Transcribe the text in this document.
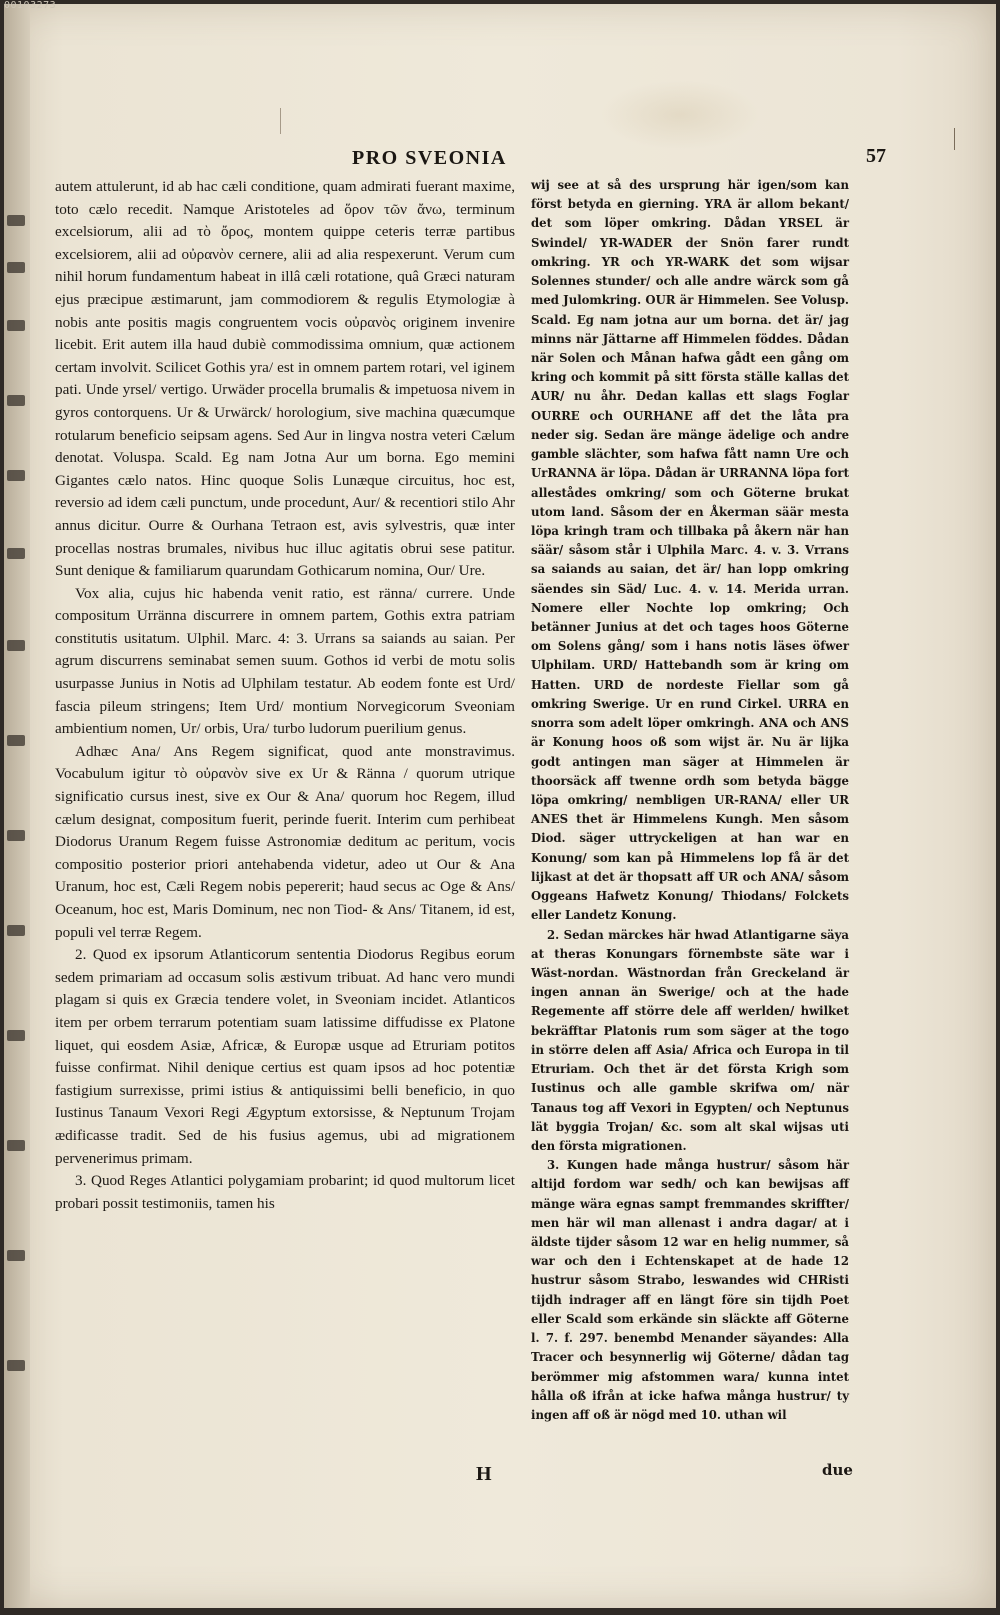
00103273
PRO SVEONIA	57

autem attulerunt, id ab hac cæli conditione, quam admirati fuerant maxime, toto cælo recedit. Namque Aristoteles ad ὅρον τῶν ἄνω, terminum excelsiorum, alii ad τὸ ὄρος, montem quippe ceteris terræ partibus excelsiorem, alii ad οὐρανὸν cernere, alii ad alia respexerunt. Verum cum nihil horum fundamentum habeat in illâ cæli rotatione, quâ Græci naturam ejus præcipue æstimarunt, jam commodiorem & regulis Etymologiæ à nobis ante positis magis congruentem vocis οὐρανὸς originem invenire licebit. Erit autem illa haud dubiè commodissima omnium, quæ actionem certam involvit. Scilicet Gothis yra/ est in omnem partem rotari, vel iginem pati. Unde yrsel/ vertigo. Urwäder procella brumalis & impetuosa nivem in gyros contorquens. Ur & Urwärck/ horologium, sive machina quæcumque rotularum beneficio seipsam agens. Sed Aur in lingva nostra veteri Cælum denotat. Voluspa. Scald. Eg nam Jotna Aur um borna. Ego memini Gigantes cælo natos. Hinc quoque Solis Lunæque circuitus, hoc est, reversio ad idem cæli punctum, unde procedunt, Aur/ & recentiori stilo Ahr annus dicitur. Ourre & Ourhana Tetraon est, avis sylvestris, quæ inter procellas nostras brumales, nivibus huc illuc agitatis obrui sese patitur. Sunt denique & familiarum quarundam Gothicarum nomina, Our/ Ure.

Vox alia, cujus hic habenda venit ratio, est ränna/ currere. Unde compositum Urränna discurrere in omnem partem, Gothis extra patriam constitutis usitatum. Ulphil. Marc. 4: 3. Urrans sa saiands au saian. Per agrum discurrens seminabat semen suum. Gothos id verbi de motu solis usurpasse Junius in Notis ad Ulphilam testatur. Ab eodem fonte est Urd/ fascia pileum stringens; Item Urd/ montium Norvegicorum Sveoniam ambientium nomen, Ur/ orbis, Ura/ turbo ludorum puerilium genus.

Adhæc Ana/ Ans Regem significat, quod ante monstravimus. Vocabulum igitur τὸ οὐρανὸν sive ex Ur & Ränna / quorum utrique significatio cursus inest, sive ex Our & Ana/ quorum hoc Regem, illud cælum designat, compositum fuerit, perinde fuerit. Interim cum perhibeat Diodorus Uranum Regem fuisse Astronomiæ deditum ac peritum, vocis compositio posterior priori antehabenda videtur, adeo ut Our & Ana Uranum, hoc est, Cæli Regem nobis pepererit; haud secus ac Oge & Ans/ Oceanum, hoc est, Maris Dominum, nec non Tiod- & Ans/ Titanem, id est, populi vel terræ Regem.

2. Quod ex ipsorum Atlanticorum sententia Diodorus Regibus eorum sedem primariam ad occasum solis æstivum tribuat. Ad hanc vero mundi plagam si quis ex Græcia tendere volet, in Sveoniam incidet. Atlanticos item per orbem terrarum potentiam suam latissime diffudisse ex Platone liquet, qui eosdem Asiæ, Africæ, & Europæ usque ad Etruriam potitos fuisse confirmat. Nihil denique certius est quam ipsos ad hoc potentiæ fastigium surrexisse, primi istius & antiquissimi belli beneficio, in quo Iustinus Tanaum Vexori Regi Ægyptum extorsisse, & Neptunum Trojam ædificasse tradit. Sed de his fusius agemus, ubi ad migrationem pervenerimus primam.

3. Quod Reges Atlantici polygamiam probarint; id quod multorum licet probari possit testimoniis, tamen his

wij see at så des ursprung här igen/som kan först betyda en gierning. YRA är allom bekant/ det som löper omkring. Dådan YRSEL är Swindel/ YR-WADER der Snön farer rundt omkring. YR och YR-WARK det som wijsar Solennes stunder/ och alle andre wärck som gå med Julomkring. OUR är Himmelen. See Volusp. Scald. Eg nam jotna aur um borna. det är/ jag minns när Jättarne aff Himmelen föddes. Dådan när Solen och Månan hafwa gådt een gång om kring och kommit på sitt första ställe kallas det AUR/ nu åhr. Dedan kallas ett slags Foglar OURRE och OURHANE aff det the låta pra neder sig. Sedan äre mänge ädelige och andre gamble slächter, som hafwa fått namn Ure och UrRANNA är löpa. Dådan är URRANNA löpa fort allestådes omkring/ som och Göterne brukat utom land. Såsom der en Åkerman säär mesta löpa kringh tram och tillbaka på åkern när han säär/ såsom står i Ulphila Marc. 4. v. 3. Vrrans sa saiands au saian, det är/ han lopp omkring säendes sin Säd/ Luc. 4. v. 14. Merida urran. Nomere eller Nochte lop omkring; Och betänner Junius at det och tages hoos Göterne om Solens gång/ som i hans notis läses öfwer Ulphilam. URD/ Hattebandh som är kring om Hatten. URD de nordeste Fiellar som gå omkring Swerige. Ur en rund Cirkel. URRA en snorra som adelt löper omkringh. ANA och ANS är Konung hoos oß som wijst är. Nu är lijka godt antingen man säger at Himmelen är thoorsäck aff twenne ordh som betyda bägge löpa omkring/ nembligen UR-RANA/ eller UR ANES thet är Himmelens Kungh. Men såsom Diod. säger uttryckeligen at han war en Konung/ som kan på Himmelens lop få är det lijkast at det är thopsatt aff UR och ANA/ såsom Oggeans Hafwetz Konung/ Thiodans/ Folckets eller Landetz Konung.

2. Sedan märckes här hwad Atlantigarne säya at theras Konungars förnembste säte war i Wäst-nordan. Wästnordan från Greckeland är ingen annan än Swerige/ och at the hade Regemente aff större dele aff werlden/ hwilket bekräfftar Platonis rum som säger at the togo in större delen aff Asia/ Africa och Europa in til Etruriam. Och thet är det första Krigh som Iustinus och alle gamble skrifwa om/ när Tanaus tog aff Vexori in Egypten/ och Neptunus lät byggia Trojan/ &c. som alt skal wijsas uti den första migrationen.

3. Kungen hade många hustrur/ såsom här altijd fordom war sedh/ och kan bewijsas aff mänge wära egnas sampt fremmandes skriffter/ men här wil man allenast i andra dagar/ at i äldste tijder såsom 12 war en helig nummer, så war och den i Echtenskapet at de hade 12 hustrur såsom Strabo, leswandes wid CHRisti tijdh indrager aff en längt före sin tijdh Poet eller Scald som erkände sin släckte aff Göterne l. 7. f. 297. benembd Menander säyandes: Alla Tracer och besynnerlig wij Göterne/ dådan tag berömmer mig afstommen wara/ kunna intet hålla oß ifrån at icke hafwa många hustrur/ ty ingen aff oß är nögd med 10. uthan wil

H	due
